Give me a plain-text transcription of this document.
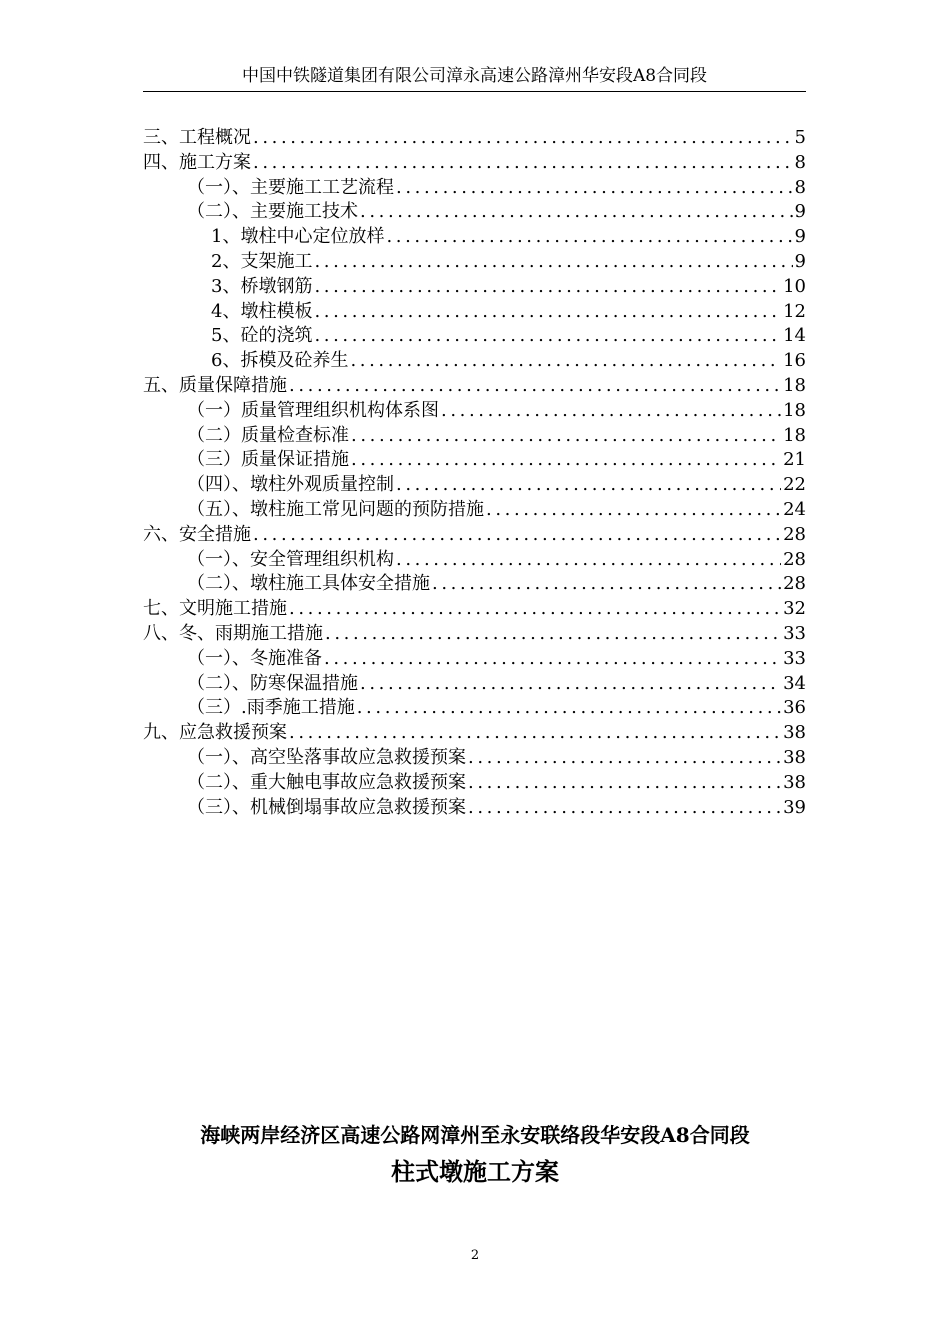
中国中铁隧道集团有限公司漳永高速公路漳州华安段A8合同段
三、工程概况 .....	5
四、施工方案 .....	8
（一）、主要施工工艺流程 .....	8
（二）、主要施工技术 .....	9
1、墩柱中心定位放样 .....	9
2、支架施工 .....	9
3、桥墩钢筋 .....	10
4、墩柱模板 .....	12
5、砼的浇筑 .....	14
6、拆模及砼养生 .....	16
五、质量保障措施 .....	18
（一）质量管理组织机构体系图 .....	18
（二）质量检查标准 .....	18
（三）质量保证措施 .....	21
（四）、墩柱外观质量控制 .....	22
（五）、墩柱施工常见问题的预防措施 .....	24
六、安全措施 .....	28
（一）、安全管理组织机构 .....	28
（二）、墩柱施工具体安全措施 .....	28
七、文明施工措施 .....	32
八、冬、雨期施工措施 .....	33
（一）、冬施准备 .....	33
（二）、防寒保温措施 .....	34
（三）.雨季施工措施 .....	36
九、应急救援预案 .....	38
（一）、高空坠落事故应急救援预案 .....	38
（二）、重大触电事故应急救援预案 .....	38
（三）、机械倒塌事故应急救援预案 .....	39
海峡两岸经济区高速公路网漳州至永安联络段华安段A8合同段
柱式墩施工方案
2
